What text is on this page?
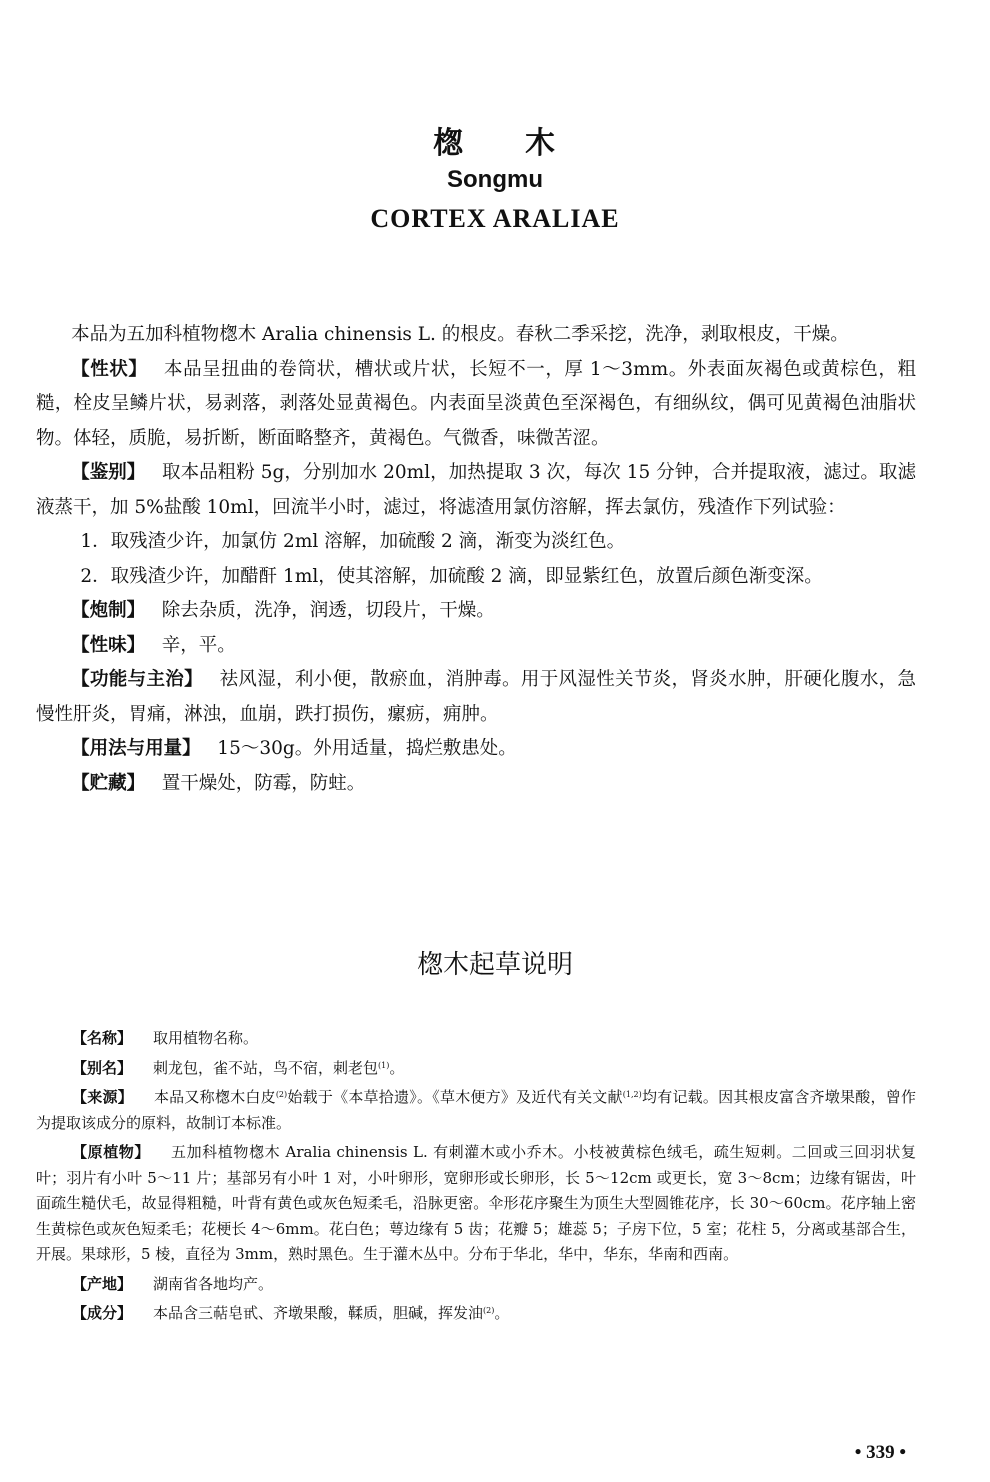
楤 木
Songmu
CORTEX ARALIAE

本品为五加科植物楤木 Aralia chinensis L. 的根皮。春秋二季采挖，洗净，剥取根皮，干燥。

【性状】 本品呈扭曲的卷筒状，槽状或片状，长短不一，厚 1～3mm。外表面灰褐色或黄棕色，粗糙，栓皮呈鳞片状，易剥落，剥落处显黄褐色。内表面呈淡黄色至深褐色，有细纵纹，偶可见黄褐色油脂状物。体轻，质脆，易折断，断面略整齐，黄褐色。气微香，味微苦涩。

【鉴别】 取本品粗粉 5g，分别加水 20ml，加热提取 3 次，每次 15 分钟，合并提取液，滤过。取滤液蒸干，加 5%盐酸 10ml，回流半小时，滤过，将滤渣用氯仿溶解，挥去氯仿，残渣作下列试验：

1．取残渣少许，加氯仿 2ml 溶解，加硫酸 2 滴，渐变为淡红色。

2．取残渣少许，加醋酐 1ml，使其溶解，加硫酸 2 滴，即显紫红色，放置后颜色渐变深。

【炮制】 除去杂质，洗净，润透，切段片，干燥。

【性味】 辛，平。

【功能与主治】 祛风湿，利小便，散瘀血，消肿毒。用于风湿性关节炎，肾炎水肿，肝硬化腹水，急慢性肝炎，胃痛，淋浊，血崩，跌打损伤，瘰疬，痈肿。

【用法与用量】 15～30g。外用适量，捣烂敷患处。

【贮藏】 置干燥处，防霉，防蛀。

楤木起草说明

【名称】 取用植物名称。

【别名】 刺龙包，雀不站，鸟不宿，刺老包$^{(1)}$。

【来源】 本品又称楤木白皮$^{(2)}$始载于《本草拾遗》。《草木便方》及近代有关文献$^{(1,2)}$均有记载。因其根皮富含齐墩果酸，曾作为提取该成分的原料，故制订本标准。

【原植物】 五加科植物楤木 Aralia chinensis L. 有刺灌木或小乔木。小枝被黄棕色绒毛，疏生短刺。二回或三回羽状复叶；羽片有小叶 5～11 片；基部另有小叶 1 对，小叶卵形，宽卵形或长卵形，长 5～12cm 或更长，宽 3～8cm；边缘有锯齿，叶面疏生糙伏毛，故显得粗糙，叶背有黄色或灰色短柔毛，沿脉更密。伞形花序聚生为顶生大型圆锥花序，长 30～60cm。花序轴上密生黄棕色或灰色短柔毛；花梗长 4～6mm。花白色；萼边缘有 5 齿；花瓣 5；雄蕊 5；子房下位，5 室；花柱 5，分离或基部合生，开展。果球形，5 棱，直径为 3mm，熟时黑色。生于灌木丛中。分布于华北，华中，华东，华南和西南。

【产地】 湖南省各地均产。

【成分】 本品含三萜皂甙、齐墩果酸，鞣质，胆碱，挥发油$^{(2)}$。

• 339 •
